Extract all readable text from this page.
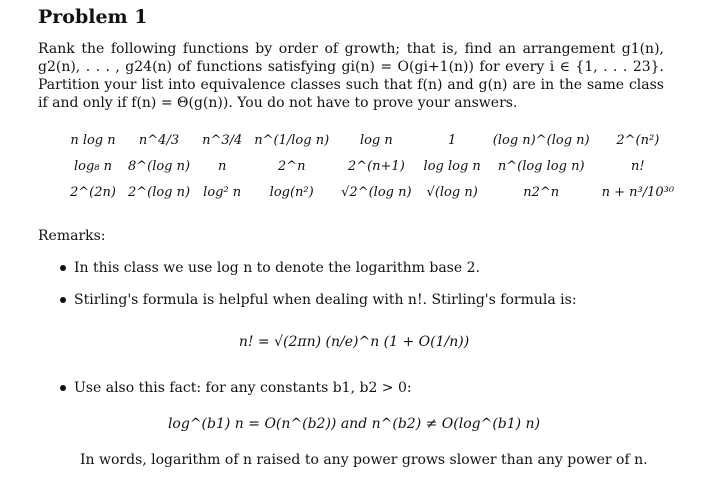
Problem 1
Rank the following functions by order of growth; that is, find an arrangement g1(n), g2(n), . . . , g24(n) of functions satisfying gi(n) = O(gi+1(n)) for every i ∈ {1, . . . 23}. Partition your list into equivalence classes such that f(n) and g(n) are in the same class if and only if f(n) = Θ(g(n)). You do not have to prove your answers.
n log n	n^4/3	n^3/4	n^(1/log n)	log n	1	(log n)^(log n)	2^(n²)
log₈ n	8^(log n)	n	2^n	2^(n+1)	log log n	n^(log log n)	n!
2^(2n)	2^(log n)	log² n	log(n²)	√2^(log n)	√(log n)	n2^n	n + n³/10³⁰
Remarks:
In this class we use log n to denote the logarithm base 2.
Stirling's formula is helpful when dealing with n!. Stirling's formula is:
n! = √(2πn) (n/e)^n (1 + O(1/n))
Use also this fact: for any constants b1, b2 > 0:
log^(b1) n = O(n^(b2)) and n^(b2) ≠ O(log^(b1) n)
In words, logarithm of n raised to any power grows slower than any power of n.
